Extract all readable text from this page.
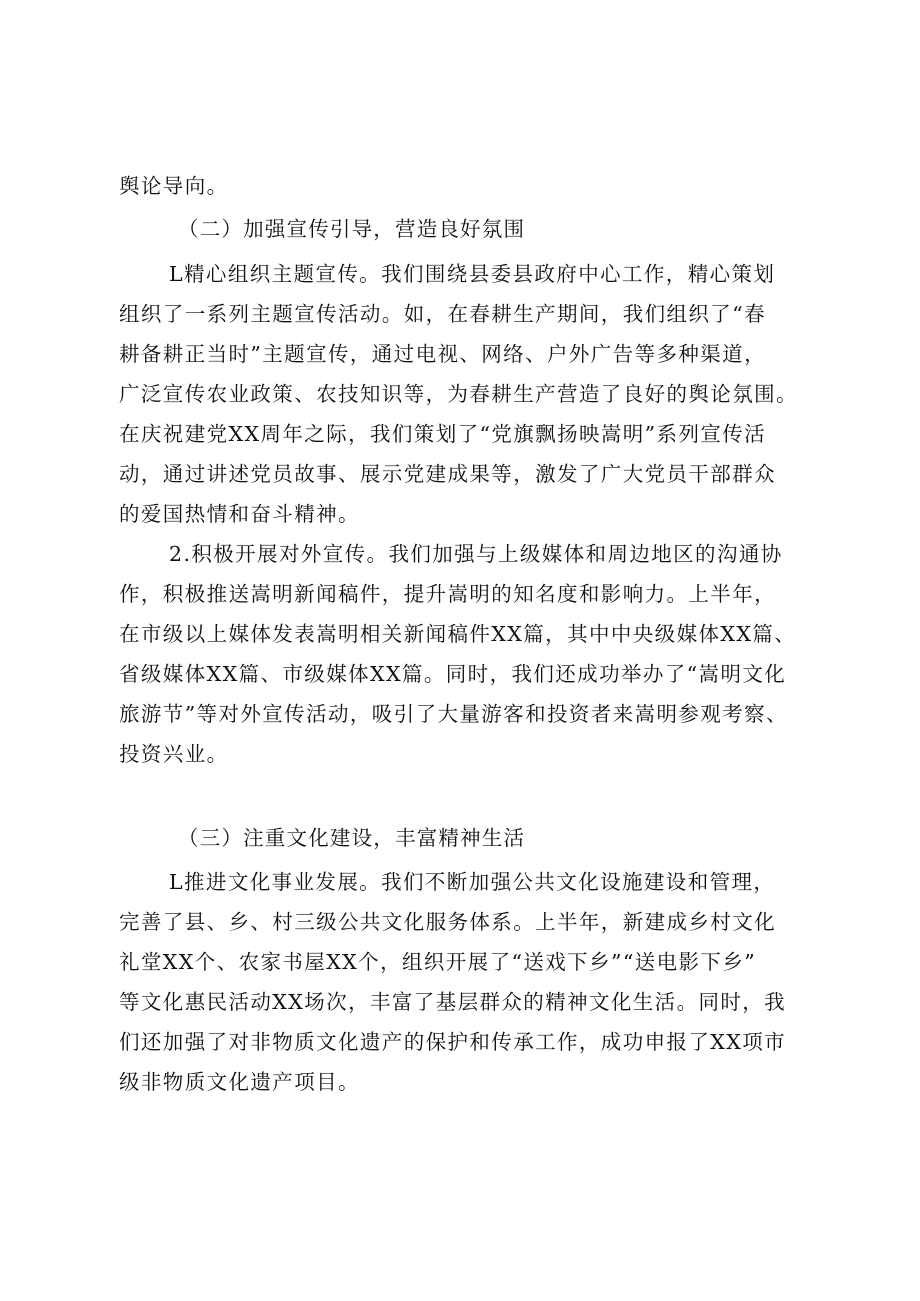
舆论导向。
（二）加强宣传引导，营造良好氛围
L精心组织主题宣传。我们围绕县委县政府中心工作，精心策划
组织了一系列主题宣传活动。如，在春耕生产期间，我们组织了“春
耕备耕正当时”主题宣传，通过电视、网络、户外广告等多种渠道，
广泛宣传农业政策、农技知识等，为春耕生产营造了良好的舆论氛围。
在庆祝建党XX周年之际，我们策划了“党旗飘扬映嵩明”系列宣传活
动，通过讲述党员故事、展示党建成果等，激发了广大党员干部群众
的爱国热情和奋斗精神。
2.积极开展对外宣传。我们加强与上级媒体和周边地区的沟通协
作，积极推送嵩明新闻稿件，提升嵩明的知名度和影响力。上半年，
在市级以上媒体发表嵩明相关新闻稿件XX篇，其中中央级媒体XX篇、
省级媒体XX篇、市级媒体XX篇。同时，我们还成功举办了“嵩明文化
旅游节”等对外宣传活动，吸引了大量游客和投资者来嵩明参观考察、
投资兴业。
（三）注重文化建设，丰富精神生活
L推进文化事业发展。我们不断加强公共文化设施建设和管理，
完善了县、乡、村三级公共文化服务体系。上半年，新建成乡村文化
礼堂XX个、农家书屋XX个，组织开展了“送戏下乡”“送电影下乡”
等文化惠民活动XX场次，丰富了基层群众的精神文化生活。同时，我
们还加强了对非物质文化遗产的保护和传承工作，成功申报了XX项市
级非物质文化遗产项目。
